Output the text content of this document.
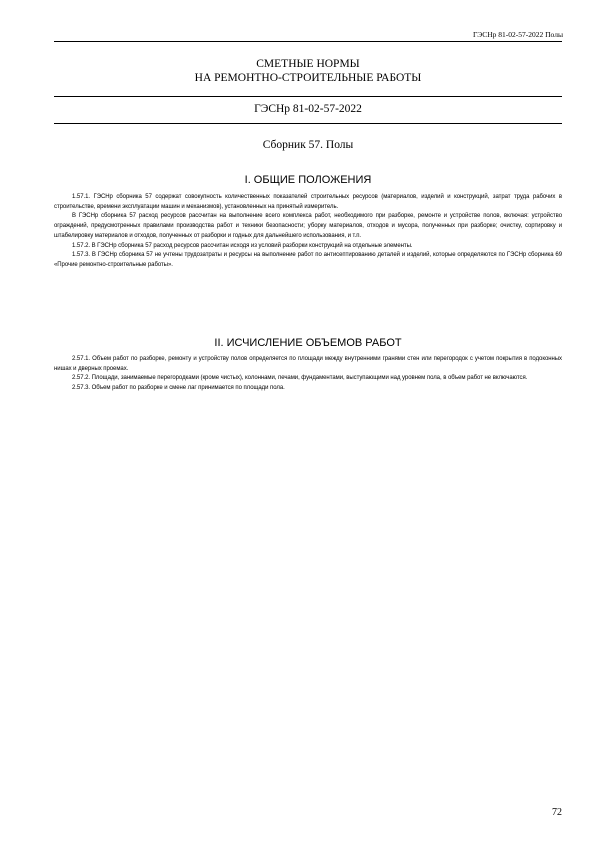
ГЭСНр 81-02-57-2022 Полы
СМЕТНЫЕ НОРМЫ
НА РЕМОНТНО-СТРОИТЕЛЬНЫЕ РАБОТЫ
ГЭСНр 81-02-57-2022
Сборник 57. Полы
I. ОБЩИЕ ПОЛОЖЕНИЯ

1.57.1. ГЭСНр сборника 57 содержат совокупность количественных показателей строительных ресурсов (материалов, изделий и конструкций, затрат труда рабочих в строительстве, времени эксплуатации машин и механизмов), установленных на принятый измеритель.

В ГЭСНр сборника 57 расход ресурсов рассчитан на выполнение всего комплекса работ, необходимого при разборке, ремонте и устройстве полов, включая: устройство ограждений, предусмотренных правилами производства работ и техники безопасности; уборку материалов, отходов и мусора, полученных при разборке; очистку, сортировку и штабелировку материалов и отходов, полученных от разборки и годных для дальнейшего использования, и т.п.

1.57.2. В ГЭСНр сборника 57 расход ресурсов рассчитан исходя из условий разборки конструкций на отдельные элементы.

1.57.3. В ГЭСНр сборника 57 не учтены трудозатраты и ресурсы на выполнение работ по антисептированию деталей и изделий, которые определяются по ГЭСНр сборника 69 «Прочие ремонтно-строительные работы».

II. ИСЧИСЛЕНИЕ ОБЪЕМОВ РАБОТ

2.57.1. Объем работ по разборке, ремонту и устройству полов определяется по площади между внутренними гранями стен или перегородок с учетом покрытия в подоконных нишах и дверных проемах.

2.57.2. Площади, занимаемые перегородками (кроме чистых), колоннами, печами, фундаментами, выступающими над уровнем пола, в объем работ не включаются.

2.57.3. Объем работ по разборке и смене лаг принимается по площади пола.

72
